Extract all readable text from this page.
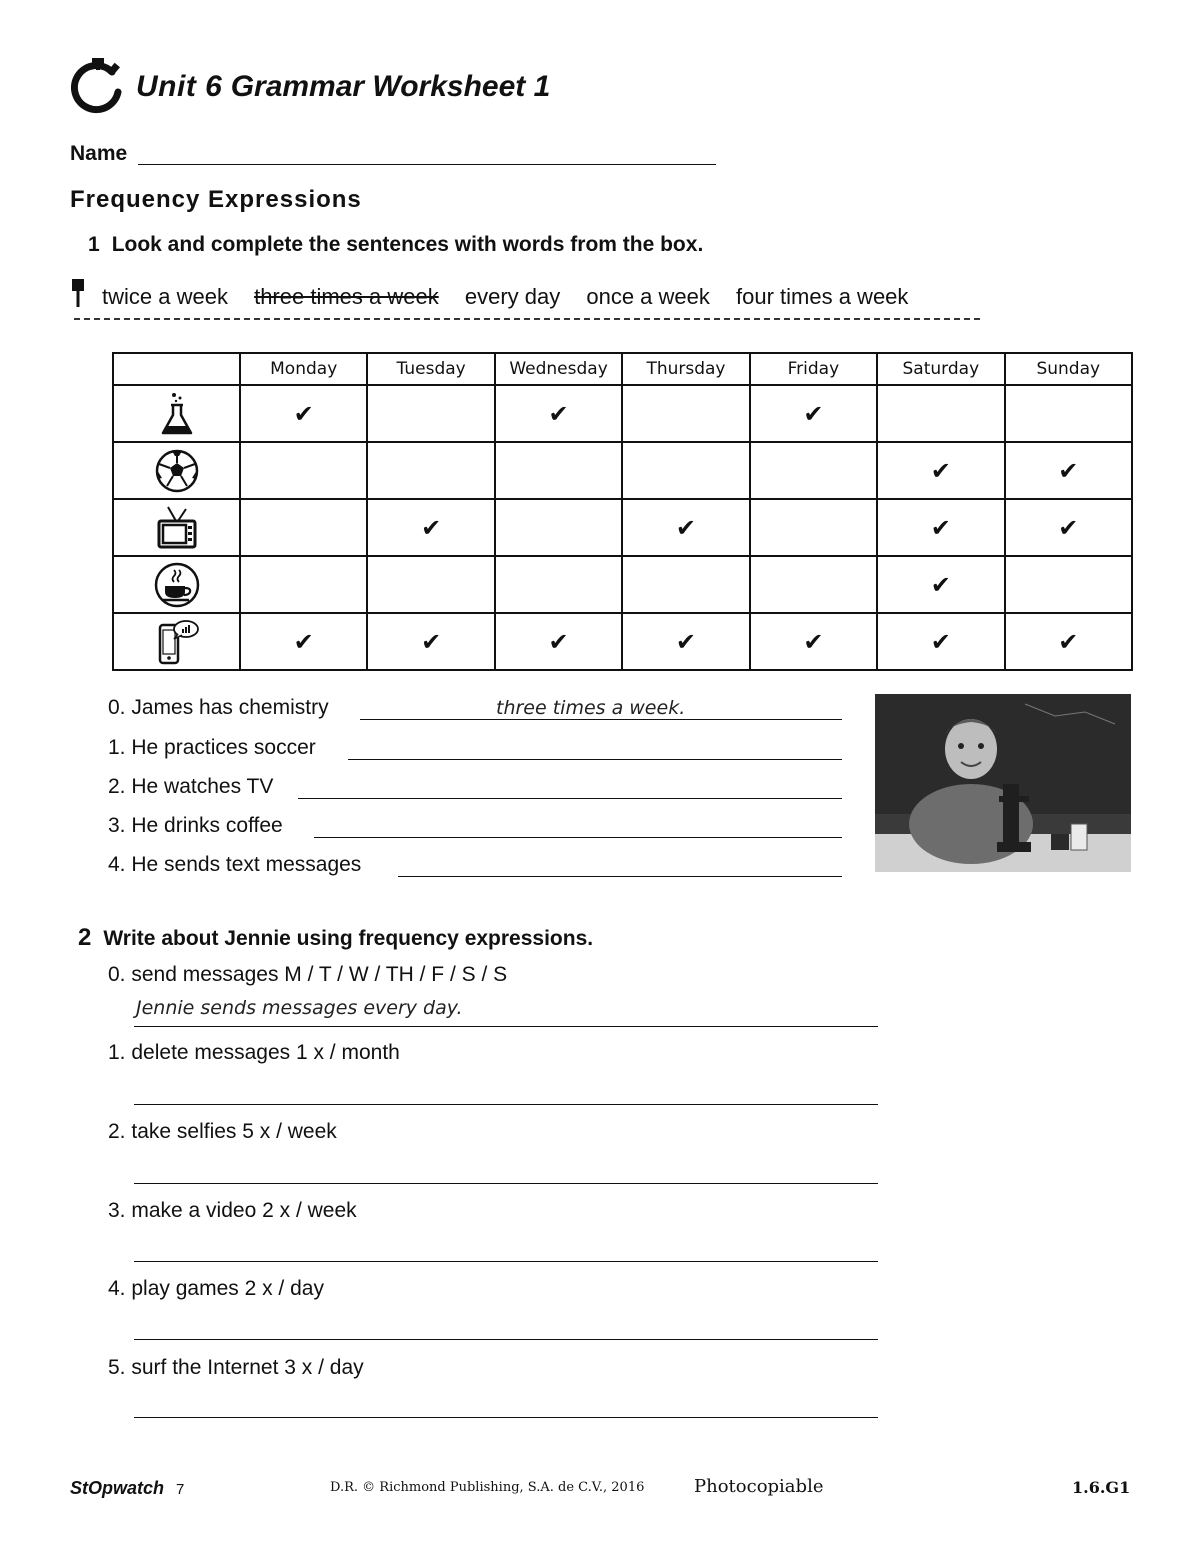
Unit 6 Grammar Worksheet 1
Name
Frequency Expressions
1 Look and complete the sentences with words from the box.
twice a week three times a week every day once a week four times a week
	Monday	Tuesday	Wednesday	Thursday	Friday	Saturday	Sunday

	✔		✔		✔		

						✔	✔

		✔		✔		✔	✔

						✔	

	✔	✔	✔	✔	✔	✔	✔
0. James has chemistry	three times a week.
1. He practices soccer
2. He watches TV
3. He drinks coffee
4. He sends text messages
2 Write about Jennie using frequency expressions.
0. send messages M / T / W / TH / F / S / S
Jennie sends messages every day.
1. delete messages 1 x / month
2. take selfies 5 x / week
3. make a video 2 x / week
4. play games 2 x / day
5. surf the Internet 3 x / day
StOpwatch 7	D.R. © Richmond Publishing, S.A. de C.V., 2016	Photocopiable	1.6.G1
